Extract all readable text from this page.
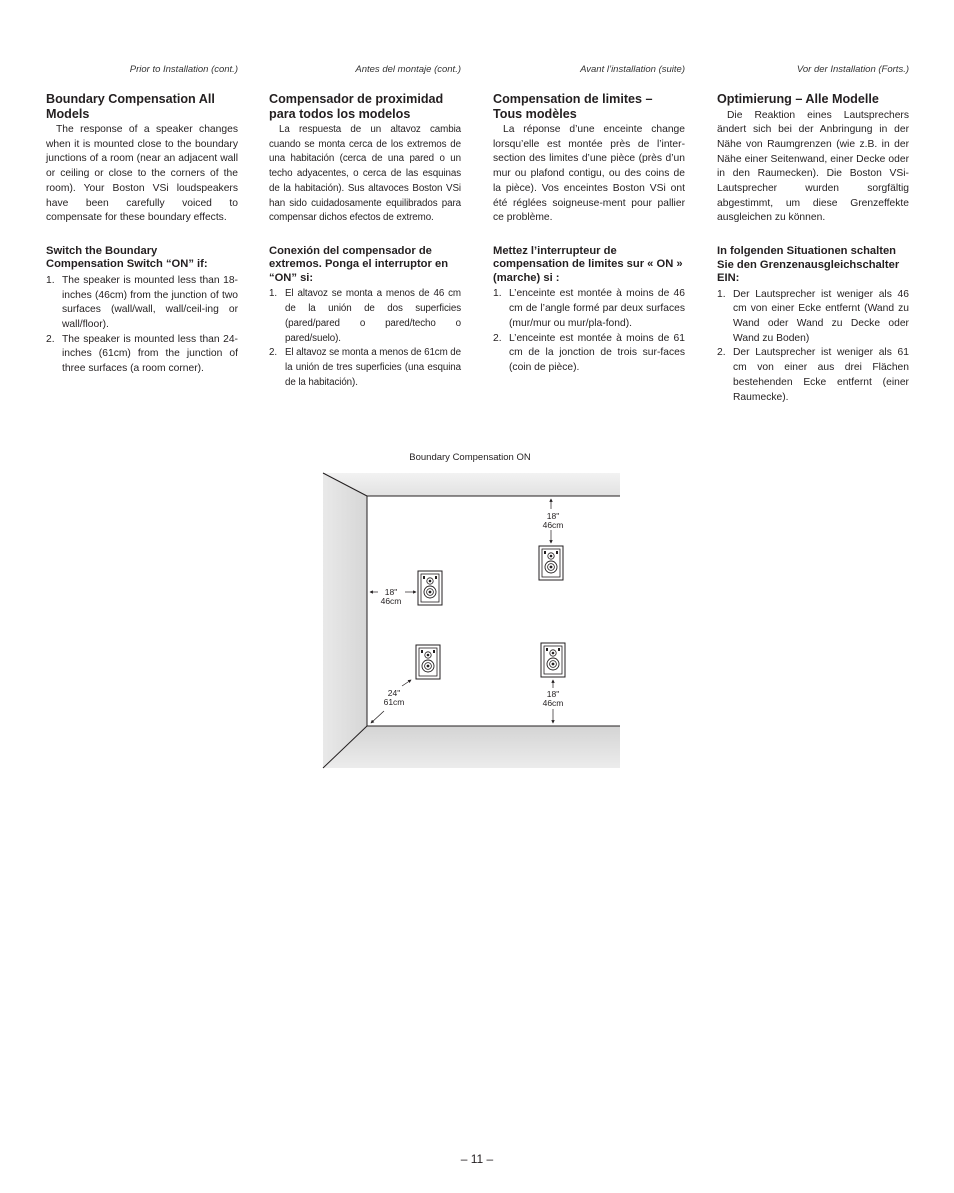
Prior to Installation (cont.)
Boundary Compensation All Models

The response of a speaker changes when it is mounted close to the boundary junctions of a room (near an adjacent wall or ceiling or close to the corners of the room). Your Boston VSi loudspeakers have been carefully voiced to compensate for these boundary effects.

Switch the Boundary Compensation Switch “ON” if:
1. The speaker is mounted less than 18-inches (46cm) from the junction of two surfaces (wall/wall, wall/ceil-ing or wall/floor).
2. The speaker is mounted less than 24-inches (61cm) from the junction of three surfaces (a room corner).
Antes del montaje (cont.)
Compensador de proximidad para todos los modelos

La respuesta de un altavoz cambia cuando se monta cerca de los extremos de una habitación (cerca de una pared o un techo adyacentes, o cerca de las esquinas de la habitación). Sus altavoces Boston VSi han sido cuidadosamente equilibrados para compensar dichos efectos de extremo.

Conexión del compensador de extremos. Ponga el interruptor en “ON” si:
1. El altavoz se monta a menos de 46 cm de la unión de dos superficies (pared/pared o pared/techo o pared/suelo).
2. El altavoz se monta a menos de 61cm de la unión de tres superficies (una esquina de la habitación).
Avant l’installation (suite)
Compensation de limites – Tous modèles

La réponse d’une enceinte change lorsqu’elle est montée près de l’inter-section des limites d’une pièce (près d’un mur ou plafond contigu, ou des coins de la pièce). Vos enceintes Boston VSi ont été réglées soigneuse-ment pour pallier ce problème.

Mettez l’interrupteur de compensation de limites sur « ON » (marche) si :
1. L’enceinte est montée à moins de 46 cm de l’angle formé par deux surfaces (mur/mur ou mur/pla-fond).
2. L’enceinte est montée à moins de 61 cm de la jonction de trois sur-faces (coin de pièce).
Vor der Installation (Forts.)
Optimierung – Alle Modelle

Die Reaktion eines Lautsprechers ändert sich bei der Anbringung in der Nähe von Raumgrenzen (wie z.B. in der Nähe einer Seitenwand, einer Decke oder in den Raumecken). Die Boston VSi-Lautsprecher wurden sorgfältig abgestimmt, um diese Grenzeffekte ausgleichen zu können.

In folgenden Situationen schalten Sie den Grenzenausgleichschalter EIN:
1. Der Lautsprecher ist weniger als 46 cm von einer Ecke entfernt (Wand zu Wand oder Wand zu Decke oder Wand zu Boden)
2. Der Lautsprecher ist weniger als 61 cm von einer aus drei Flächen bestehenden Ecke entfernt (einer Raumecke).
Boundary Compensation ON
18"
46cm
18"
46cm
24"
61cm
18"
46cm
– 11 –
